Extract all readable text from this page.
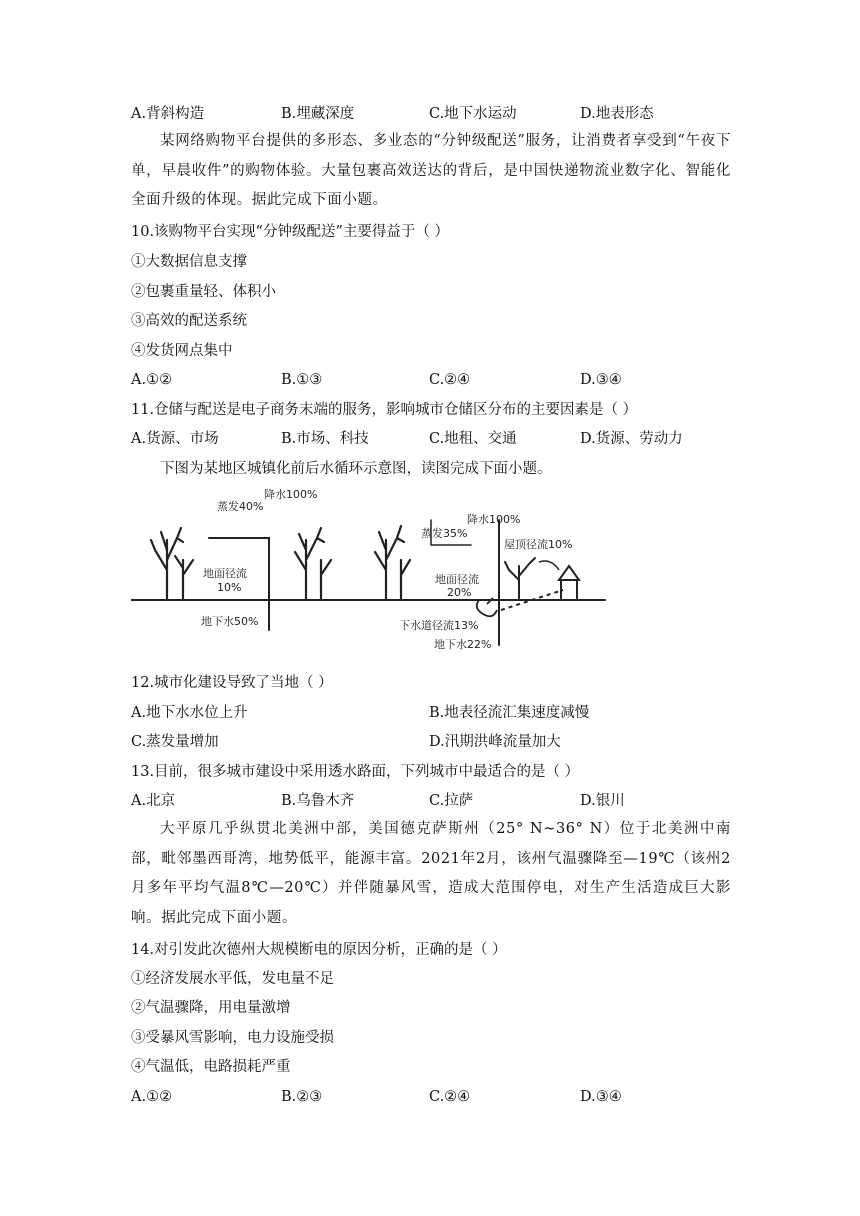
A.背斜构造	B.埋藏深度	C.地下水运动	D.地表形态
某网络购物平台提供的多形态、多业态的“分钟级配送”服务，让消费者享受到“午夜下单，早晨收件”的购物体验。大量包裹高效送达的背后，是中国快递物流业数字化、智能化全面升级的体现。据此完成下面小题。
10.该购物平台实现“分钟级配送”主要得益于（ ）
①大数据信息支撑
②包裹重量轻、体积小
③高效的配送系统
④发货网点集中
A.①②	B.①③	C.②④	D.③④
11.仓储与配送是电子商务末端的服务，影响城市仓储区分布的主要因素是（ ）
A.货源、市场	B.市场、科技	C.地租、交通	D.货源、劳动力
下图为某地区城镇化前后水循环示意图，读图完成下面小题。
降水100%
蒸发40%
地面径流
10%
地下水50%
降水100%
蒸发35%
屋顶径流10%
地面径流
20%
下水道径流13%
地下水22%
12.城市化建设导致了当地（ ）
A.地下水水位上升	B.地表径流汇集速度减慢
C.蒸发量增加	D.汛期洪峰流量加大
13.目前，很多城市建设中采用透水路面，下列城市中最适合的是（ ）
A.北京	B.乌鲁木齐	C.拉萨	D.银川
大平原几乎纵贯北美洲中部，美国德克萨斯州（25° N~36° N）位于北美洲中南部，毗邻墨西哥湾，地势低平，能源丰富。2021年2月，该州气温骤降至—19℃（该州2月多年平均气温8℃—20℃）并伴随暴风雪，造成大范围停电，对生产生活造成巨大影响。据此完成下面小题。
14.对引发此次德州大规模断电的原因分析，正确的是（ ）
①经济发展水平低，发电量不足
②气温骤降，用电量激增
③受暴风雪影响，电力设施受损
④气温低，电路损耗严重
A.①②	B.②③	C.②④	D.③④
